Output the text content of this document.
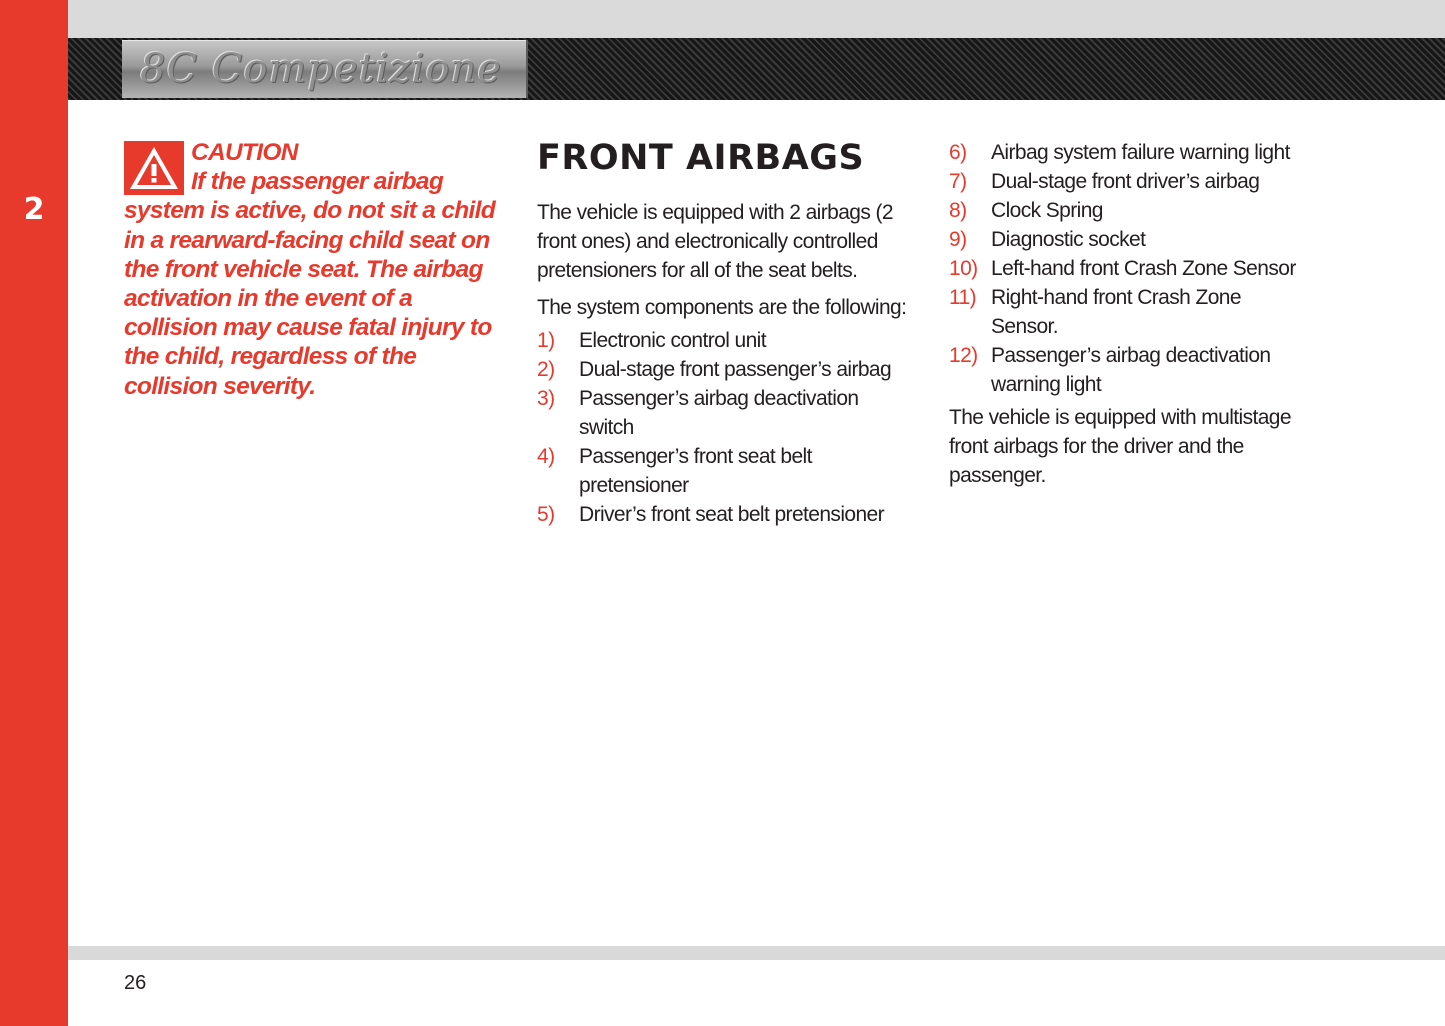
2
8C Competizione
CAUTION
If the passenger airbag system is active, do not sit a child in a rearward-facing child seat on the front vehicle seat. The airbag activation in the event of a collision may cause fatal injury to the child, regardless of the collision severity.
FRONT AIRBAGS

The vehicle is equipped with 2 airbags (2 front ones) and electronically controlled pretensioners for all of the seat belts.

The system components are the following:

1)	Electronic control unit
2)	Dual-stage front passenger’s airbag
3)	Passenger’s airbag deactivation switch
4)	Passenger’s front seat belt pretensioner
5)	Driver’s front seat belt pretensioner
6)	Airbag system failure warning light
7)	Dual-stage front driver’s airbag
8)	Clock Spring
9)	Diagnostic socket
10) Left-hand front Crash Zone Sensor
11) Right-hand front Crash Zone Sensor.
12) Passenger’s airbag deactivation warning light

The vehicle is equipped with multistage front airbags for the driver and the passenger.

26
